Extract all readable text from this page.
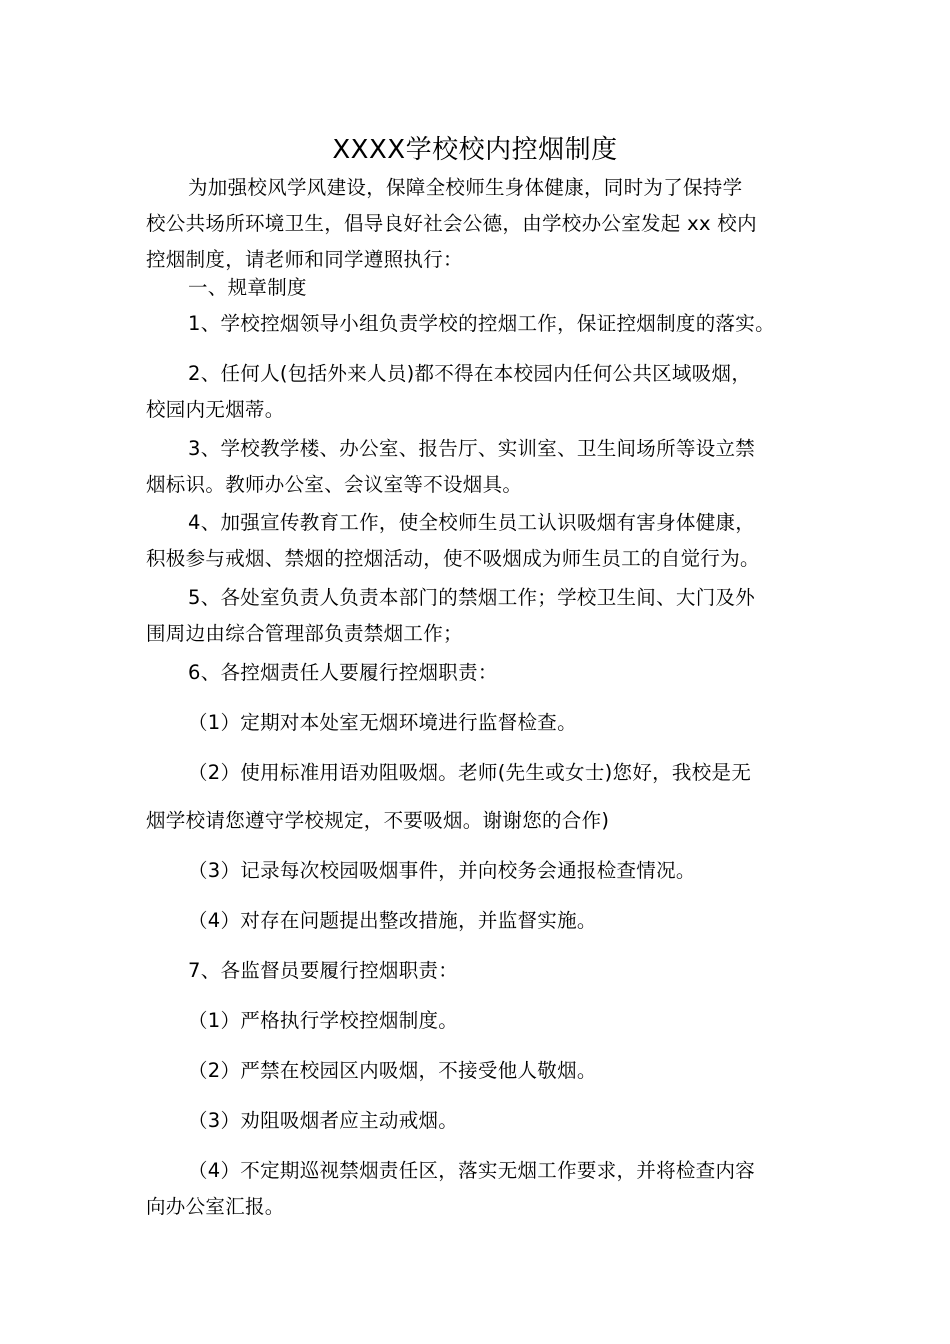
XXXX学校校内控烟制度
为加强校风学风建设，保障全校师生身体健康，同时为了保持学
校公共场所环境卫生，倡导良好社会公德，由学校办公室发起 xx 校内
控烟制度，请老师和同学遵照执行：
一、规章制度
1、学校控烟领导小组负责学校的控烟工作，保证控烟制度的落实。
2、任何人(包括外来人员)都不得在本校园内任何公共区域吸烟，
校园内无烟蒂。
3、学校教学楼、办公室、报告厅、实训室、卫生间场所等设立禁
烟标识。教师办公室、会议室等不设烟具。
4、加强宣传教育工作，使全校师生员工认识吸烟有害身体健康，
积极参与戒烟、禁烟的控烟活动，使不吸烟成为师生员工的自觉行为。
5、各处室负责人负责本部门的禁烟工作；学校卫生间、大门及外
围周边由综合管理部负责禁烟工作；
6、各控烟责任人要履行控烟职责：
（1）定期对本处室无烟环境进行监督检查。
（2）使用标准用语劝阻吸烟。老师(先生或女士)您好，我校是无
烟学校请您遵守学校规定，不要吸烟。谢谢您的合作)
（3）记录每次校园吸烟事件，并向校务会通报检查情况。
（4）对存在问题提出整改措施，并监督实施。
7、各监督员要履行控烟职责：
（1）严格执行学校控烟制度。
（2）严禁在校园区内吸烟，不接受他人敬烟。
（3）劝阻吸烟者应主动戒烟。
（4）不定期巡视禁烟责任区，落实无烟工作要求，并将检查内容
向办公室汇报。
